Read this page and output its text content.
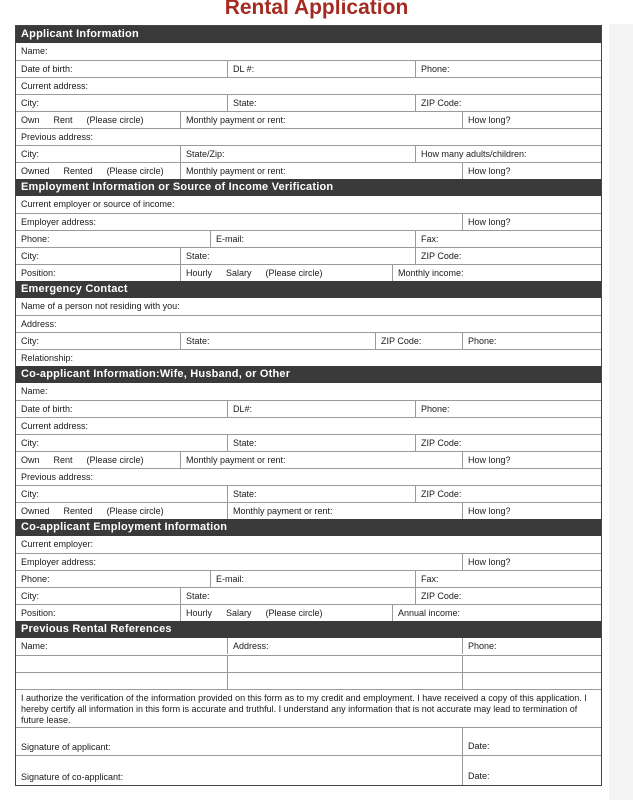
Rental Application
Applicant Information
Name:
Date of birth:	DL #:	Phone:
Current address:
City:	State:	ZIP Code:
Own Rent (Please circle)	Monthly payment or rent:	How long?
Previous address:
City:	State/Zip:	How many adults/children:
Owned Rented (Please circle)	Monthly payment or rent:	How long?
Employment Information or Source of Income Verification
Current employer or source of income:
Employer address:	How long?
Phone:	E-mail:	Fax:
City:	State:	ZIP Code:
Position:	Hourly Salary (Please circle)	Monthly income:
Emergency Contact
Name of a person not residing with you:
Address:
City:	State:	ZIP Code:	Phone:
Relationship:
Co-applicant Information:Wife, Husband, or Other
Name:
Date of birth:	DL#:	Phone:
Current address:
City:	State:	ZIP Code:
Own Rent (Please circle)	Monthly payment or rent:	How long?
Previous address:
City:	State:	ZIP Code:
Owned Rented (Please circle)	Monthly payment or rent:	How long?
Co-applicant Employment Information
Current employer:
Employer address:	How long?
Phone:	E-mail:	Fax:
City:	State:	ZIP Code:
Position:	Hourly Salary (Please circle)	Annual income:
Previous Rental References
Name:	Address:	Phone:
I authorize the verification of the information provided on this form as to my credit and employment. I have received a copy of this application. I hereby certify all information in this form is accurate and truthful. I understand any information that is not accurate may lead to termination of future lease.
Signature of applicant:	Date:
Signature of co-applicant:	Date:
